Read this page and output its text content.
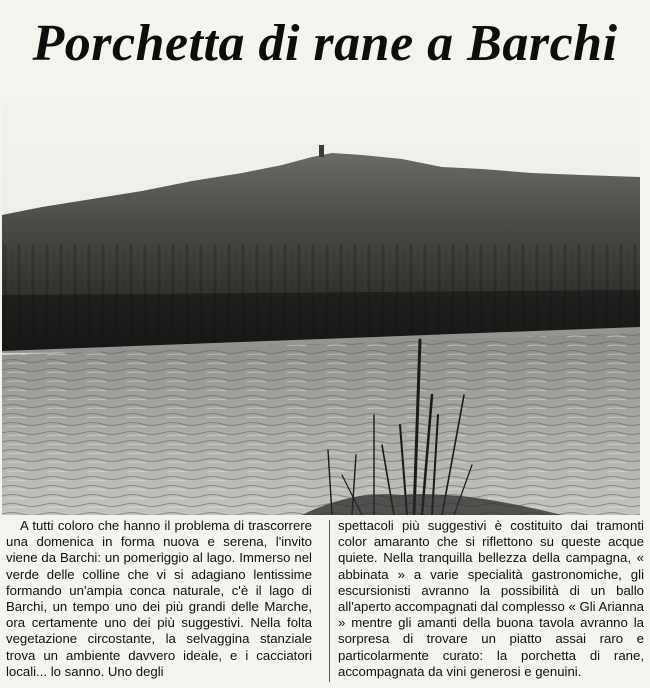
Porchetta di rane a Barchi
A tutti coloro che hanno il problema di trascorrere una domenica in forma nuova e serena, l'invito viene da Barchi: un pomeriggio al lago. Immerso nel verde delle colline che vi si adagiano lentissime formando un'ampia conca naturale, c'è il lago di Barchi, un tempo uno dei più grandi delle Marche, ora certamente uno dei più suggestivi. Nella folta vegetazione circostante, la selvaggina stanziale trova un ambiente davvero ideale, e i cacciatori locali... lo sanno. Uno degli
spettacoli più suggestivi è costituito dai tramonti color amaranto che si riflettono su queste acque quiete. Nella tranquilla bellezza della campagna, « abbinata » a varie specialità gastronomiche, gli escursionisti avranno la possibilità di un ballo all'aperto accompagnati dal complesso « Gli Arianna » mentre gli amanti della buona tavola avranno la sorpresa di trovare un piatto assai raro e particolarmente curato: la porchetta di rane, accompagnata da vini generosi e genuini.
